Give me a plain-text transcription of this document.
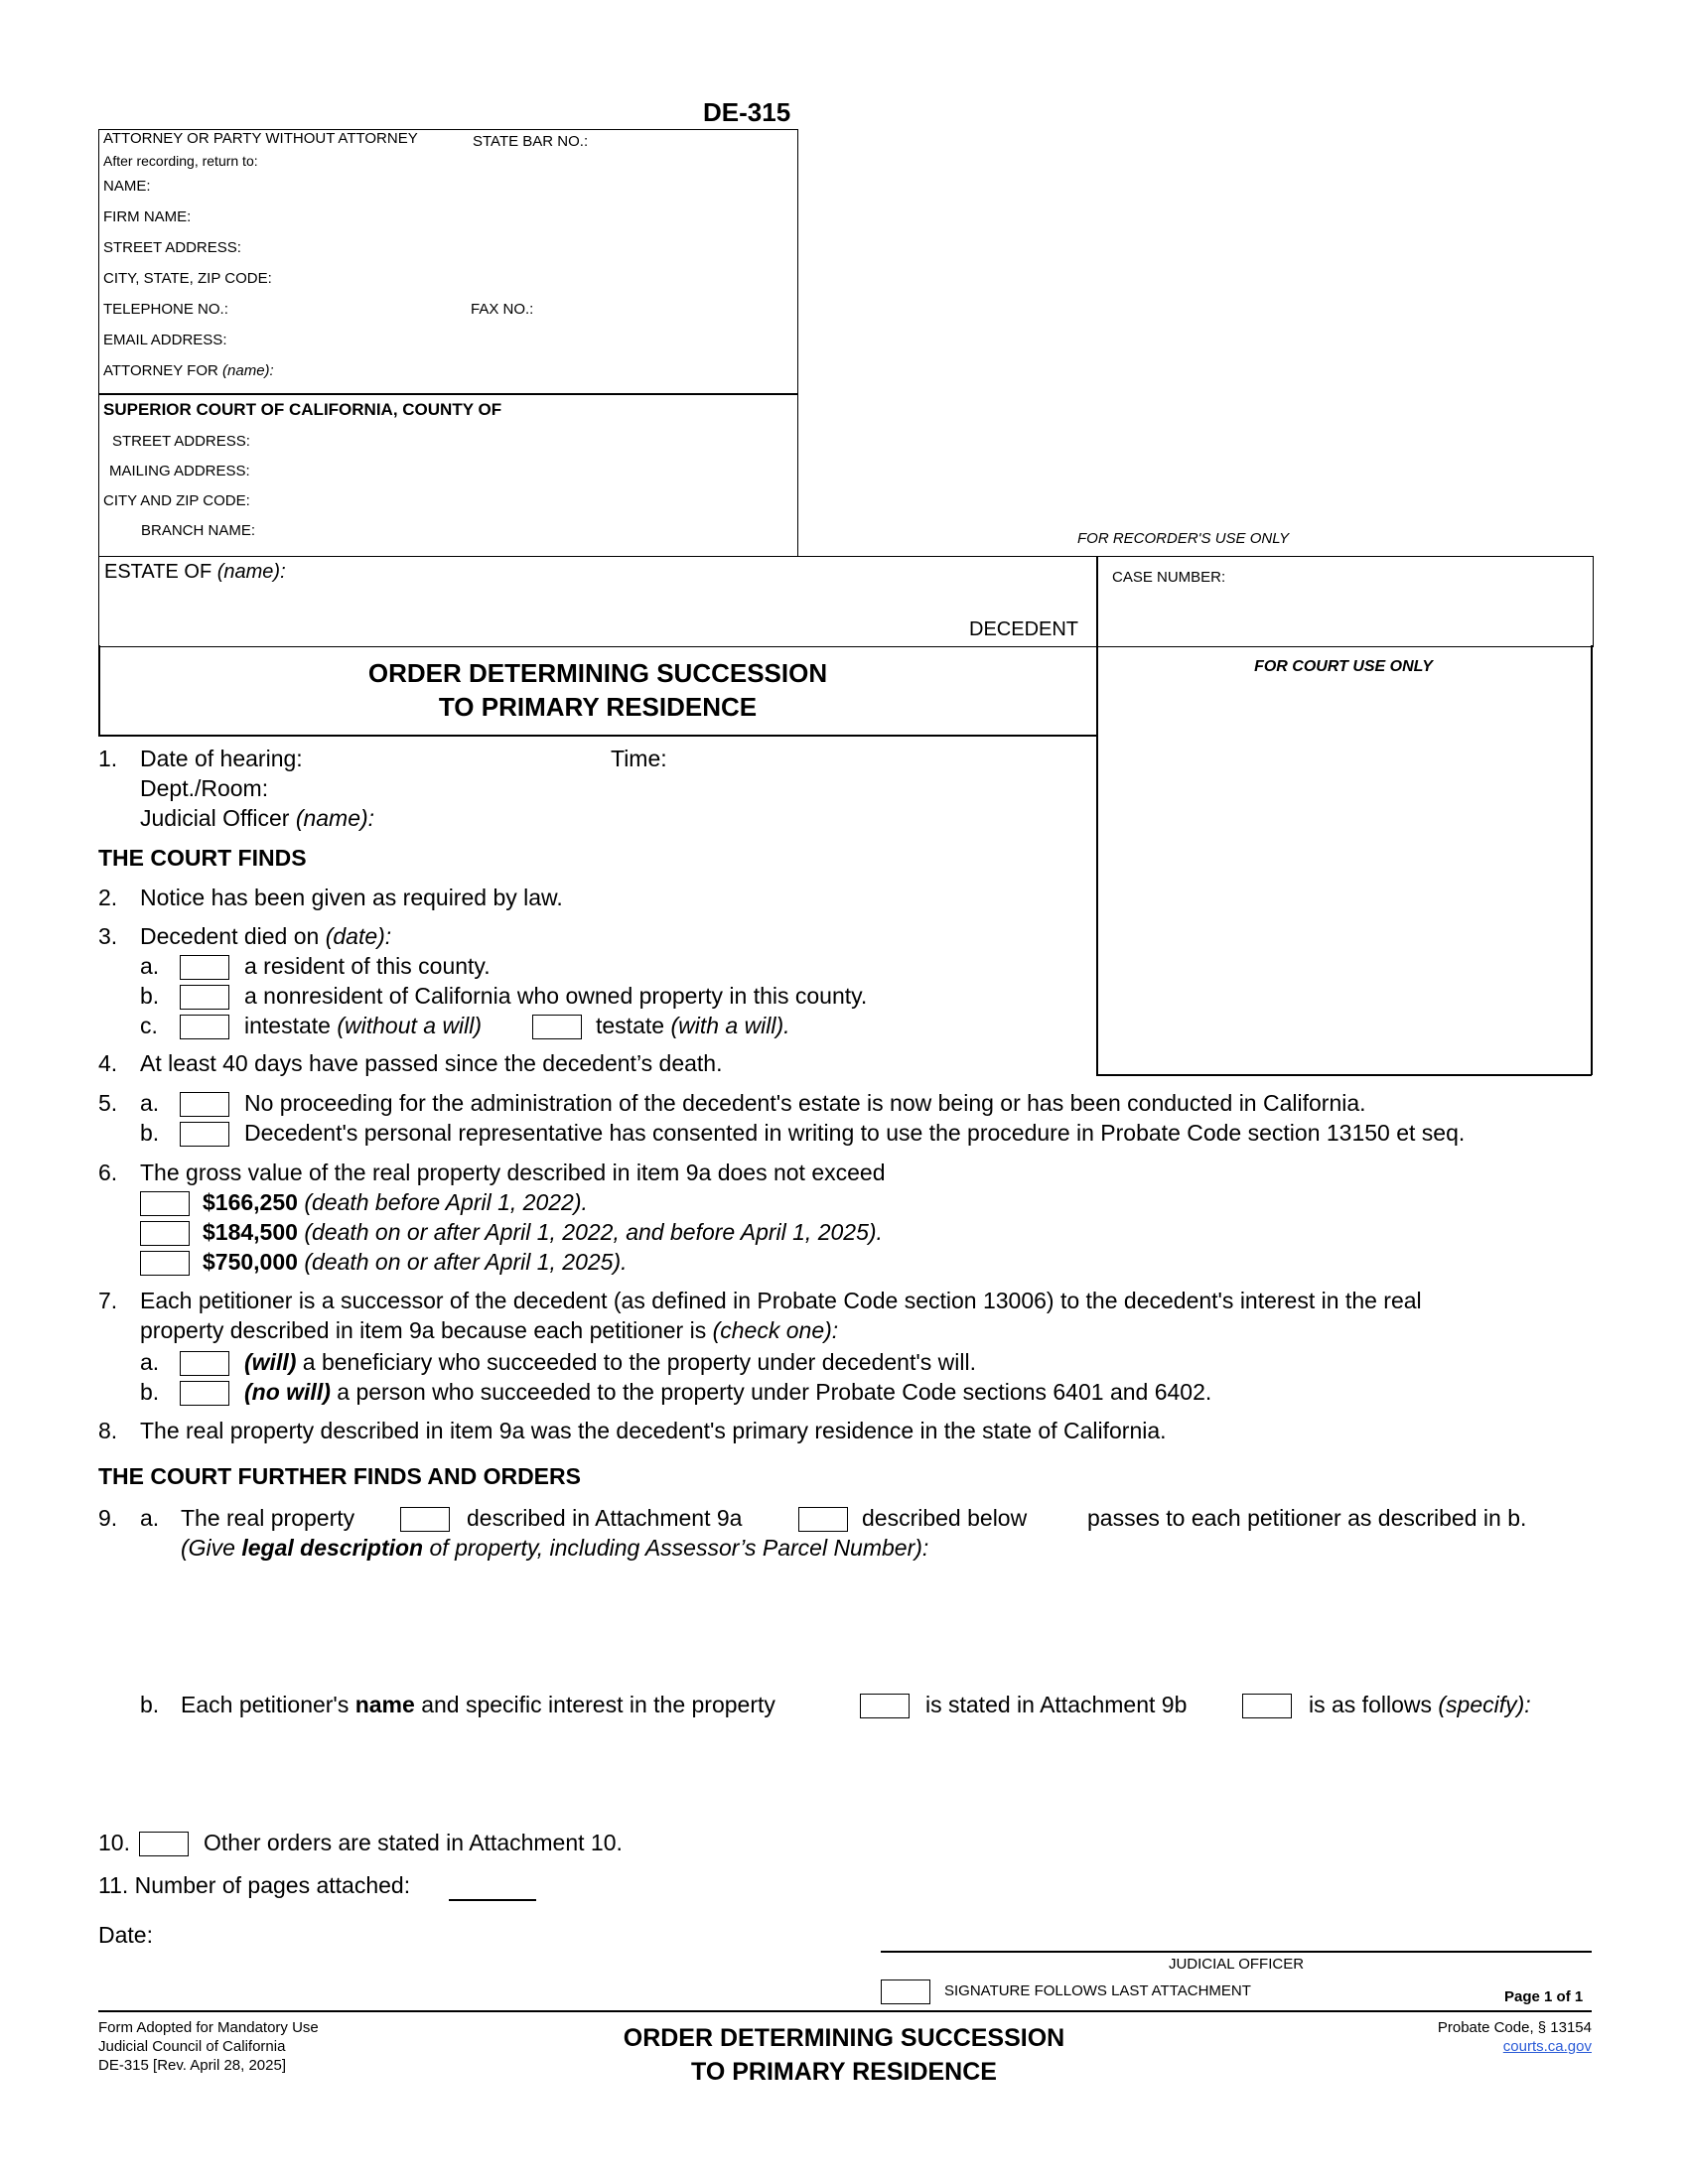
DE-315
ATTORNEY OR PARTY WITHOUT ATTORNEY	STATE BAR NO.:
After recording, return to:
NAME:
FIRM NAME:
STREET ADDRESS:
CITY, STATE, ZIP CODE:
TELEPHONE NO.:	FAX NO.:
EMAIL ADDRESS:
ATTORNEY FOR (name):
SUPERIOR COURT OF CALIFORNIA, COUNTY OF
STREET ADDRESS:
MAILING ADDRESS:
CITY AND ZIP CODE:
BRANCH NAME:	FOR RECORDER'S USE ONLY
ESTATE OF (name):
DECEDENT
CASE NUMBER:
ORDER DETERMINING SUCCESSION
TO PRIMARY RESIDENCE
FOR COURT USE ONLY
1. Date of hearing:	Time:
Dept./Room:
Judicial Officer (name):
THE COURT FINDS
2. Notice has been given as required by law.
3. Decedent died on (date):
a.	a resident of this county.
b.	a nonresident of California who owned property in this county.
c.	intestate (without a will)	testate (with a will).
4. At least 40 days have passed since the decedent’s death.
5. a.	No proceeding for the administration of the decedent's estate is now being or has been conducted in California.
b.	Decedent's personal representative has consented in writing to use the procedure in Probate Code section 13150 et seq.
6. The gross value of the real property described in item 9a does not exceed
$166,250 (death before April 1, 2022).
$184,500 (death on or after April 1, 2022, and before April 1, 2025).
$750,000 (death on or after April 1, 2025).
7. Each petitioner is a successor of the decedent (as defined in Probate Code section 13006) to the decedent's interest in the real
property described in item 9a because each petitioner is (check one):
a.	(will) a beneficiary who succeeded to the property under decedent's will.
b.	(no will) a person who succeeded to the property under Probate Code sections 6401 and 6402.
8. The real property described in item 9a was the decedent's primary residence in the state of California.
THE COURT FURTHER FINDS AND ORDERS
9. a. The real property	described in Attachment 9a	described below	passes to each petitioner as described in b.
(Give legal description of property, including Assessor’s Parcel Number):
b. Each petitioner's name and specific interest in the property	is stated in Attachment 9b	is as follows (specify):
10.	Other orders are stated in Attachment 10.
11. Number of pages attached:
Date:
JUDICIAL OFFICER
SIGNATURE FOLLOWS LAST ATTACHMENT	Page 1 of 1
Form Adopted for Mandatory Use
Judicial Council of California
DE-315 [Rev. April 28, 2025]
ORDER DETERMINING SUCCESSION
TO PRIMARY RESIDENCE
Probate Code, § 13154
courts.ca.gov
